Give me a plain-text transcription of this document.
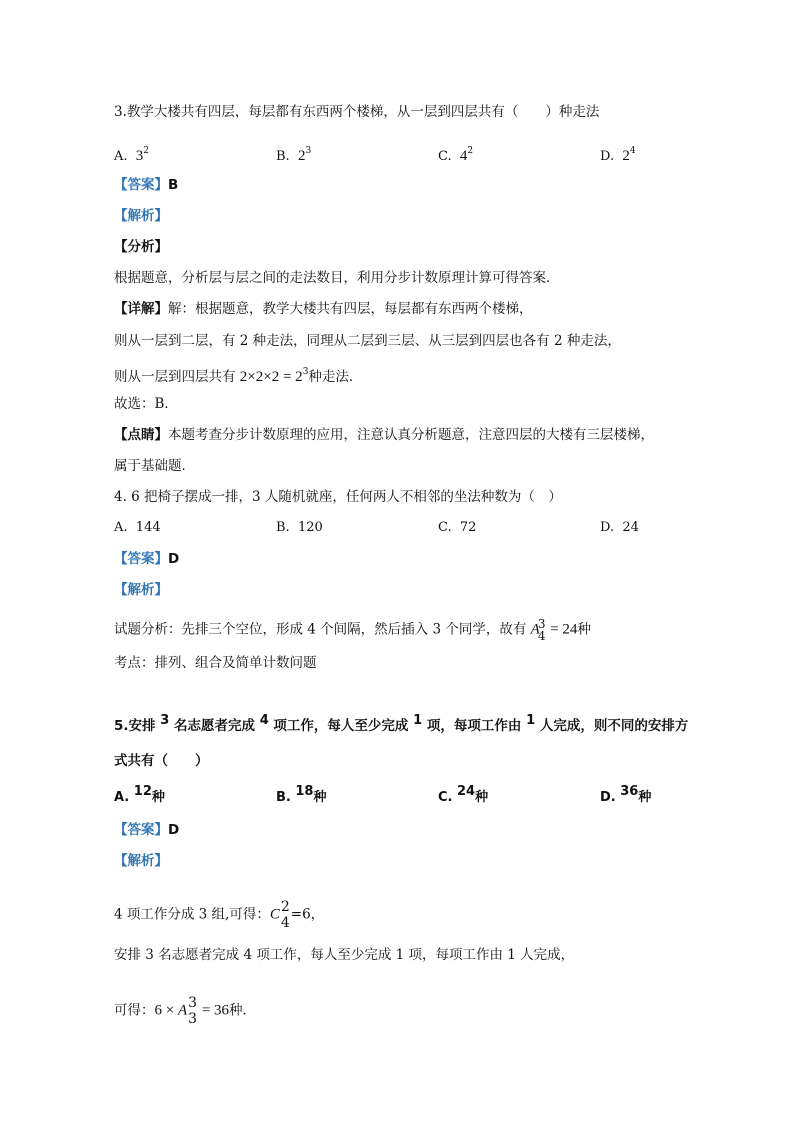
3.教学大楼共有四层，每层都有东西两个楼梯，从一层到四层共有（　　）种走法
A. $3^2$	B. $2^3$	C. $4^2$	D. $2^4$
【答案】B
【解析】
【分析】
根据题意，分析层与层之间的走法数目，利用分步计数原理计算可得答案．
【详解】解：根据题意，教学大楼共有四层，每层都有东西两个楼梯，
则从一层到二层，有 2 种走法，同理从二层到三层、从三层到四层也各有 2 种走法，
则从一层到四层共有 $2\times 2\times 2 = 2^3$种走法．
故选：B．
【点睛】本题考查分步计数原理的应用，注意认真分析题意，注意四层的大楼有三层楼梯，
属于基础题．
4. 6 把椅子摆成一排，3 人随机就座，任何两人不相邻的坐法种数为（　）
A. 144	B. 120	C. 72	D. 24
【答案】D
【解析】
试题分析：先排三个空位，形成 4 个间隔，然后插入 3 个同学，故有 A
3
4 = 24种
考点：排列、组合及简单计数问题
5.安排 3 名志愿者完成 4 项工作，每人至少完成 1 项，每项工作由 1 人完成，则不同的安排方
式共有（　　）
A. 12种	B. 18种	C. 24种	D. 36种
【答案】D
【解析】
4 项工作分成 3 组,可得：C 2
4
=6，
安排 3 名志愿者完成 4 项工作，每人至少完成 1 项，每项工作由 1 人完成，
可得：6 × A 3
3
= 36种．
